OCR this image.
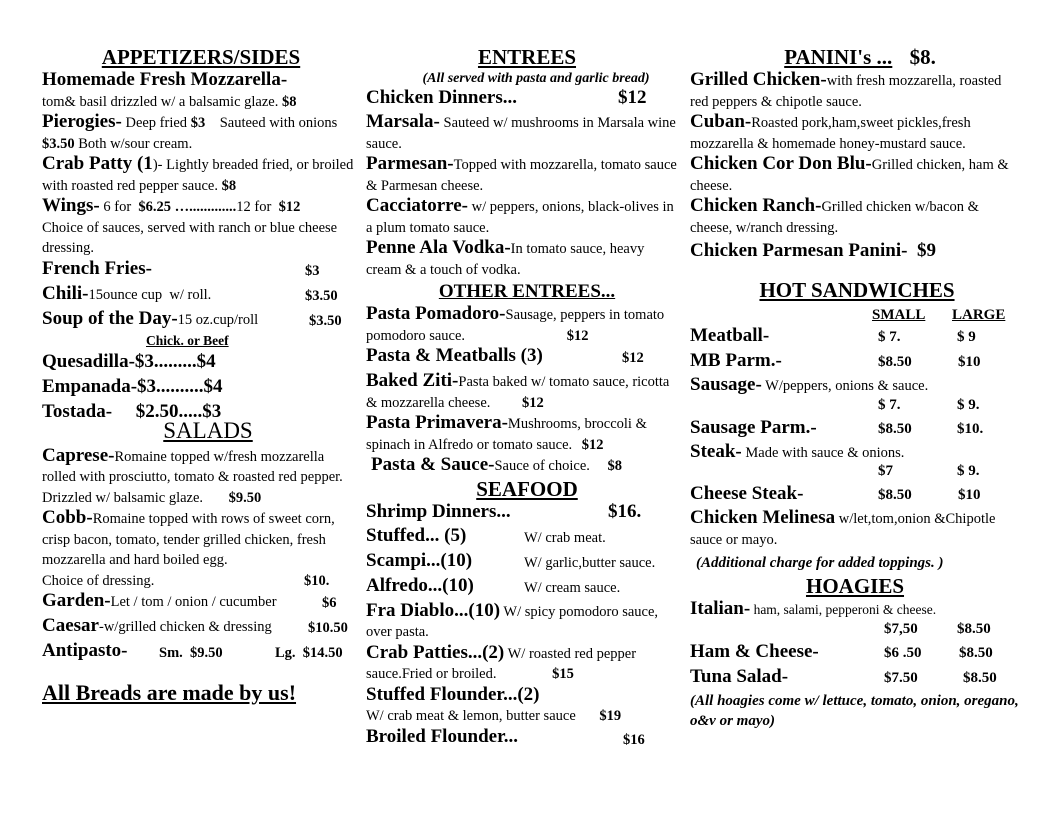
APPETIZERS/SIDES
Homemade Fresh Mozzarella-
tom& basil drizzled w/ a balsamic glaze. $8
Pierogies- Deep fried $3    Sauteed with onions $3.50 Both w/sour cream.
Crab Patty (1)- Lightly breaded fried, or broiled with roasted red pepper sauce. $8
Wings- 6 for  $6.25 ….............12 for  $12
Choice of sauces, served with ranch or blue cheese dressing.
French Fries-	$3
Chili-15ounce cup  w/ roll.	$3.50
Soup of the Day-15 oz.cup/roll	$3.50
Chick. or Beef
Quesadilla-$3.........$4
Empanada-$3..........$4
Tostada-     $2.50.....$3
SALADS
Caprese-Romaine topped w/fresh mozzarella rolled with prosciutto, tomato & roasted red pepper. Drizzled w/ balsamic glaze. $9.50
Cobb-Romaine topped with rows of sweet corn, crisp bacon, tomato, tender grilled chicken, fresh mozzarella and hard boiled egg.
Choice of dressing.	$10.
Garden-Let / tom / onion / cucumber	$6
Caesar-w/grilled chicken & dressing	$10.50
Antipasto- Sm.  $9.50	Lg.  $14.50
All Breads are made by us!
ENTREES
(All served with pasta and garlic bread)
Chicken Dinners...	$12
Marsala- Sauteed w/ mushrooms in Marsala wine sauce.
Parmesan-Topped with mozzarella, tomato sauce & Parmesan cheese.
Cacciatorre- w/ peppers, onions, black-olives in a plum tomato sauce.
Penne Ala Vodka-In tomato sauce, heavy cream & a touch of vodka.
OTHER ENTREES...
Pasta Pomadoro-Sausage, peppers in tomato pomodoro sauce.	$12
Pasta & Meatballs (3)	$12
Baked Ziti-Pasta baked w/ tomato sauce, ricotta & mozzarella cheese. $12
Pasta Primavera-Mushrooms, broccoli & spinach in Alfredo or tomato sauce. $12
Pasta & Sauce-Sauce of choice. $8
SEAFOOD
Shrimp Dinners...	$16.
Stuffed... (5)	W/ crab meat.
Scampi...(10)	W/ garlic,butter sauce.
Alfredo...(10)	W/ cream sauce.
Fra Diablo...(10) W/ spicy pomodoro sauce, over pasta.
Crab Patties...(2) W/ roasted red pepper sauce.Fried or broiled.	$15
Stuffed Flounder...(2)
W/ crab meat & lemon, butter sauce $19
Broiled Flounder...	$16
PANINI's ... $8.
Grilled Chicken-with fresh mozzarella, roasted red peppers & chipotle sauce.
Cuban-Roasted pork,ham,sweet pickles,fresh mozzarella & homemade honey-mustard sauce.
Chicken Cor Don Blu-Grilled chicken, ham & cheese.
Chicken Ranch-Grilled chicken w/bacon & cheese, w/ranch dressing.
Chicken Parmesan Panini-  $9
HOT SANDWICHES
SMALL LARGE
Meatball-	$ 7.	$ 9
MB Parm.-	$8.50	$10
Sausage- W/peppers, onions & sauce.
$ 7.	$ 9.
Sausage Parm.-	$8.50	$10.
Steak- Made with sauce & onions.
$7	$ 9.
Cheese Steak-	$8.50	$10
Chicken Melinesa w/let,tom,onion &Chipotle sauce or mayo.
(Additional charge for added toppings. )
HOAGIES
Italian- ham, salami, pepperoni & cheese.
$7,50	$8.50
Ham & Cheese-	$6 .50	$8.50
Tuna Salad-	$7.50	$8.50
(All hoagies come w/ lettuce, tomato, onion, oregano, o&v or mayo)
